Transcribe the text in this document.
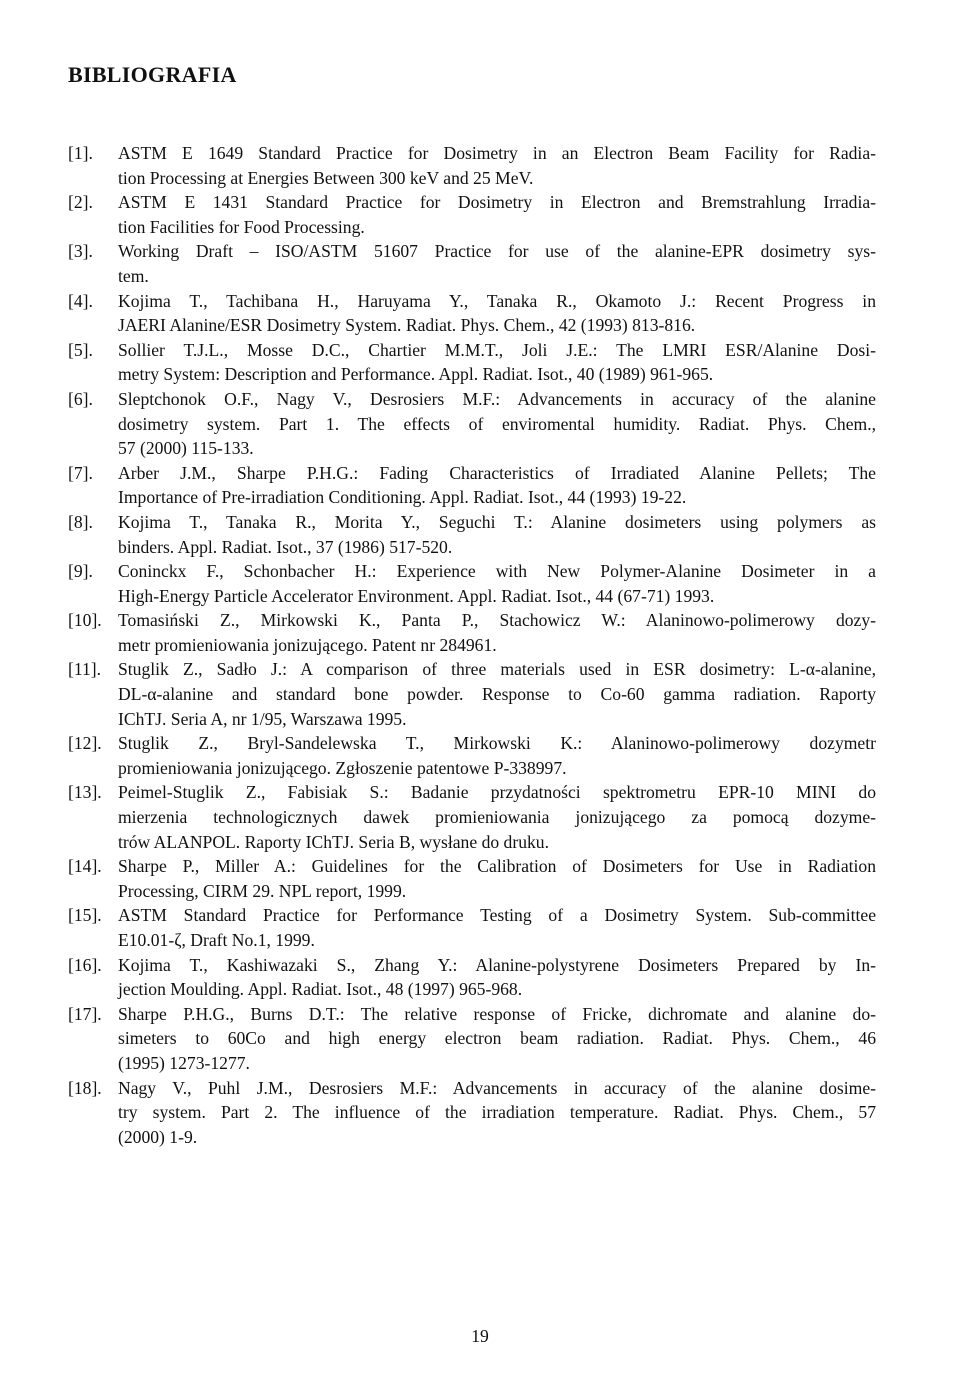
BIBLIOGRAFIA
[1]. ASTM E 1649 Standard Practice for Dosimetry in an Electron Beam Facility for Radia-
tion Processing at Energies Between 300 keV and 25 MeV.
[2]. ASTM E 1431 Standard Practice for Dosimetry in Electron and Bremstrahlung Irradia-
tion Facilities for Food Processing.
[3]. Working Draft – ISO/ASTM 51607 Practice for use of the alanine-EPR dosimetry sys-
tem.
[4]. Kojima T., Tachibana H., Haruyama Y., Tanaka R., Okamoto J.: Recent Progress in
JAERI Alanine/ESR Dosimetry System. Radiat. Phys. Chem., 42 (1993) 813-816.
[5]. Sollier T.J.L., Mosse D.C., Chartier M.M.T., Joli J.E.: The LMRI ESR/Alanine Dosi-
metry System: Description and Performance. Appl. Radiat. Isot., 40 (1989) 961-965.
[6]. Sleptchonok O.F., Nagy V., Desrosiers M.F.: Advancements in accuracy of the alanine
dosimetry system. Part 1. The effects of enviromental humidity. Radiat. Phys. Chem.,
57 (2000) 115-133.
[7]. Arber J.M., Sharpe P.H.G.: Fading Characteristics of Irradiated Alanine Pellets; The
Importance of Pre-irradiation Conditioning. Appl. Radiat. Isot., 44 (1993) 19-22.
[8]. Kojima T., Tanaka R., Morita Y., Seguchi T.: Alanine dosimeters using polymers as
binders. Appl. Radiat. Isot., 37 (1986) 517-520.
[9]. Coninckx F., Schonbacher H.: Experience with New Polymer-Alanine Dosimeter in a
High-Energy Particle Accelerator Environment. Appl. Radiat. Isot., 44 (67-71) 1993.
[10]. Tomasiński Z., Mirkowski K., Panta P., Stachowicz W.: Alaninowo-polimerowy dozy-
metr promieniowania jonizującego. Patent nr 284961.
[11]. Stuglik Z., Sadło J.: A comparison of three materials used in ESR dosimetry: L-α-alanine,
DL-α-alanine and standard bone powder. Response to Co-60 gamma radiation. Raporty
IChTJ. Seria A, nr 1/95, Warszawa 1995.
[12]. Stuglik Z., Bryl-Sandelewska T., Mirkowski K.: Alaninowo-polimerowy dozymetr
promieniowania jonizującego. Zgłoszenie patentowe P-338997.
[13]. Peimel-Stuglik Z., Fabisiak S.: Badanie przydatności spektrometru EPR-10 MINI do
mierzenia technologicznych dawek promieniowania jonizującego za pomocą dozyme-
trów ALANPOL. Raporty IChTJ. Seria B, wysłane do druku.
[14]. Sharpe P., Miller A.: Guidelines for the Calibration of Dosimeters for Use in Radiation
Processing, CIRM 29. NPL report, 1999.
[15]. ASTM Standard Practice for Performance Testing of a Dosimetry System. Sub-committee
E10.01-ζ, Draft No.1, 1999.
[16]. Kojima T., Kashiwazaki S., Zhang Y.: Alanine-polystyrene Dosimeters Prepared by In-
jection Moulding. Appl. Radiat. Isot., 48 (1997) 965-968.
[17]. Sharpe P.H.G., Burns D.T.: The relative response of Fricke, dichromate and alanine do-
simeters to 60Co and high energy electron beam radiation. Radiat. Phys. Chem., 46
(1995) 1273-1277.
[18]. Nagy V., Puhl J.M., Desrosiers M.F.: Advancements in accuracy of the alanine dosime-
try system. Part 2. The influence of the irradiation temperature. Radiat. Phys. Chem., 57
(2000) 1-9.
19
